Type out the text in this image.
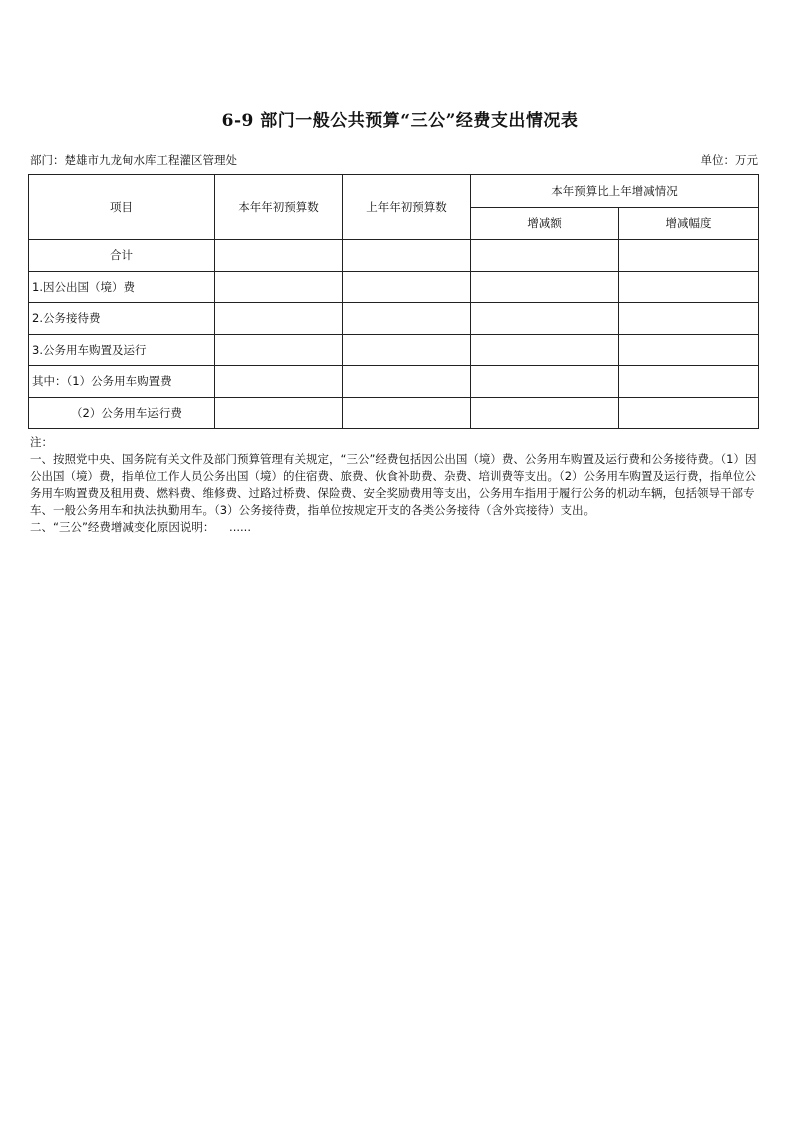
6-9 部门一般公共预算“三公”经费支出情况表
部门：楚雄市九龙甸水库工程灌区管理处	单位：万元
项目	本年年初预算数	上年年初预算数	本年预算比上年增减情况	
			增减额	增减幅度
合计				
1.因公出国（境）费				
2.公务接待费				
3.公务用车购置及运行				
其中：（1）公务用车购置费				
（2）公务用车运行费				
注：
一、按照党中央、国务院有关文件及部门预算管理有关规定，“三公”经费包括因公出国（境）费、公务用车购置及运行费和公务接待费。（1）因公出国（境）费，指单位工作人员公务出国（境）的住宿费、旅费、伙食补助费、杂费、培训费等支出。（2）公务用车购置及运行费，指单位公务用车购置费及租用费、燃料费、维修费、过路过桥费、保险费、安全奖励费用等支出，公务用车指用于履行公务的机动车辆，包括领导干部专车、一般公务用车和执法执勤用车。（3）公务接待费，指单位按规定开支的各类公务接待（含外宾接待）支出。
二、“三公”经费增减变化原因说明：    ......
